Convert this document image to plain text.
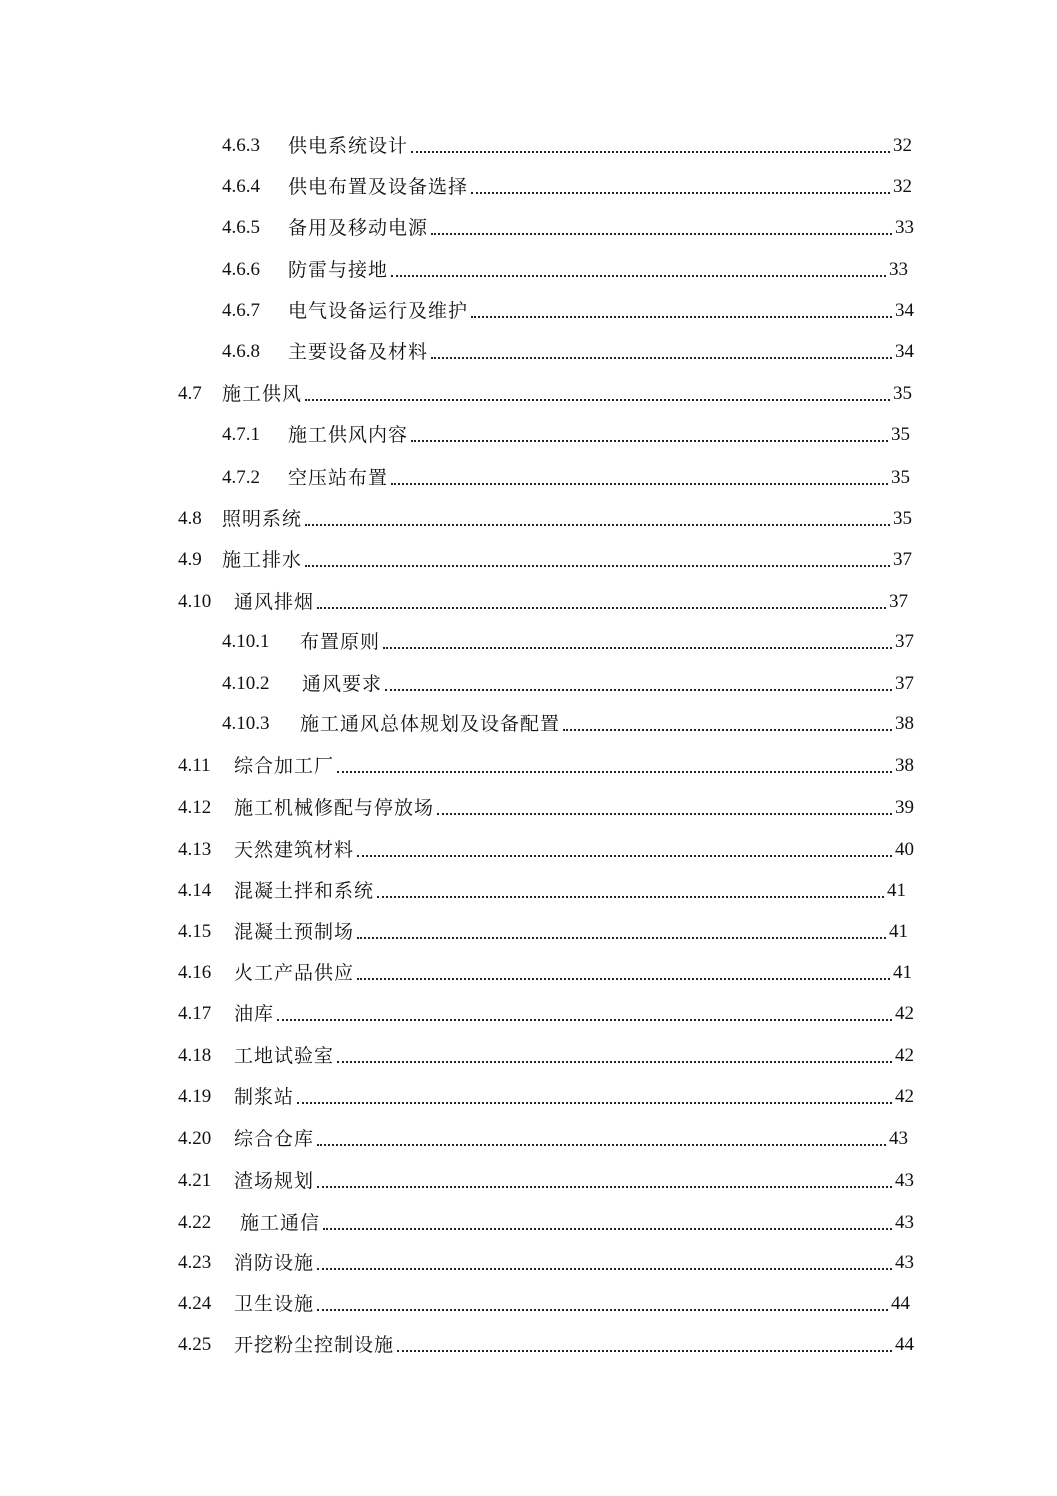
4.6.3	供电系统设计	32
4.6.4	供电布置及设备选择	32
4.6.5	备用及移动电源	33
4.6.6	防雷与接地	33
4.6.7	电气设备运行及维护	34
4.6.8	主要设备及材料	34
4.7	施工供风	35
4.7.1	施工供风内容	35
4.7.2	空压站布置	35
4.8	照明系统	35
4.9	施工排水	37
4.10	通风排烟	37
4.10.1	布置原则	37
4.10.2	通风要求	37
4.10.3	施工通风总体规划及设备配置	38
4.11	综合加工厂	38
4.12	施工机械修配与停放场	39
4.13	天然建筑材料	40
4.14	混凝土拌和系统	41
4.15	混凝土预制场	41
4.16	火工产品供应	41
4.17	油库	42
4.18	工地试验室	42
4.19	制浆站	42
4.20	综合仓库	43
4.21	渣场规划	43
4.22	施工通信	43
4.23	消防设施	43
4.24	卫生设施	44
4.25	开挖粉尘控制设施	44
